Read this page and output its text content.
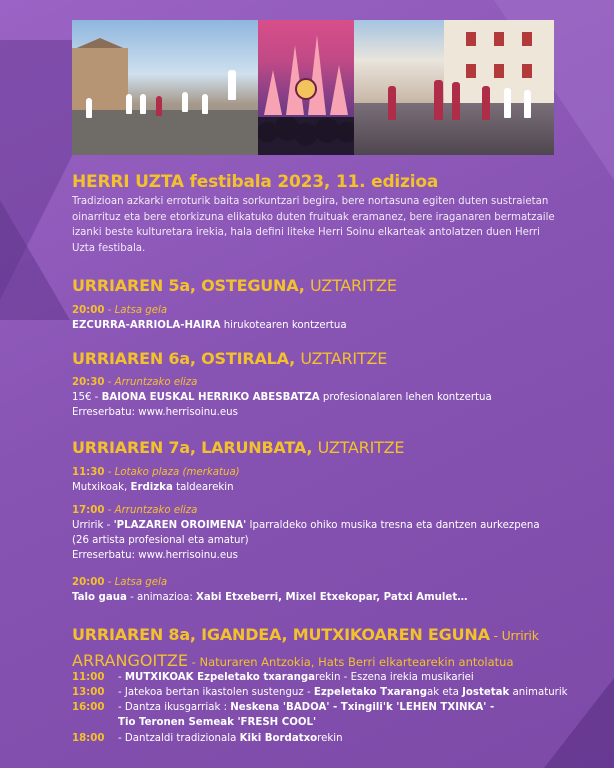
HERRI UZTA festibala 2023, 11. edizioa
Tradizioan azkarki erroturik baita sorkuntzari begira, bere nortasuna egiten duten sustraietan oinarrituz eta bere etorkizuna elikatuko duten fruituak eramanez, bere iraganaren bermatzaile izanki beste kulturetara irekia, hala defini liteke Herri Soinu elkarteak antolatzen duen Herri Uzta festibala.
URRIAREN 5a, OSTEGUNA, UZTARITZE
20:00 - Latsa gela
EZCURRA-ARRIOLA-HAIRA hirukotearen kontzertua
URRIAREN 6a, OSTIRALA, UZTARITZE
20:30 - Arruntzako eliza
15€ - BAIONA EUSKAL HERRIKO ABESBATZA profesionalaren lehen kontzertua
Erreserbatu: www.herrisoinu.eus
URRIAREN 7a, LARUNBATA, UZTARITZE
11:30 - Lotako plaza (merkatua)
Mutxikoak, Erdizka taldearekin
17:00 - Arruntzako eliza
Urririk - 'PLAZAREN OROIMENA' Iparraldeko ohiko musika tresna eta dantzen aurkezpena
(26 artista profesional eta amatur)
Erreserbatu: www.herrisoinu.eus
20:00 - Latsa gela
Talo gaua - animazioa: Xabi Etxeberri, Mixel Etxekopar, Patxi Amulet…
URRIAREN 8a, IGANDEA, MUTXIKOAREN EGUNA - Urririk
ARRANGOITZE - Naturaren Antzokia, Hats Berri elkartearekin antolatua
11:00 - MUTXIKOAK Ezpeletako txarangarekin - Eszena irekia musikariei
13:00 - Jatekoa bertan ikastolen sustenguz - Ezpeletako Txarangak eta Jostetak animaturik
16:00 - Dantza ikusgarriak : Neskena 'BADOA' - Txingili'k 'LEHEN TXINKA' -
Tio Teronen Semeak 'FRESH COOL'
18:00 - Dantzaldi tradizionala Kiki Bordatxorekin
